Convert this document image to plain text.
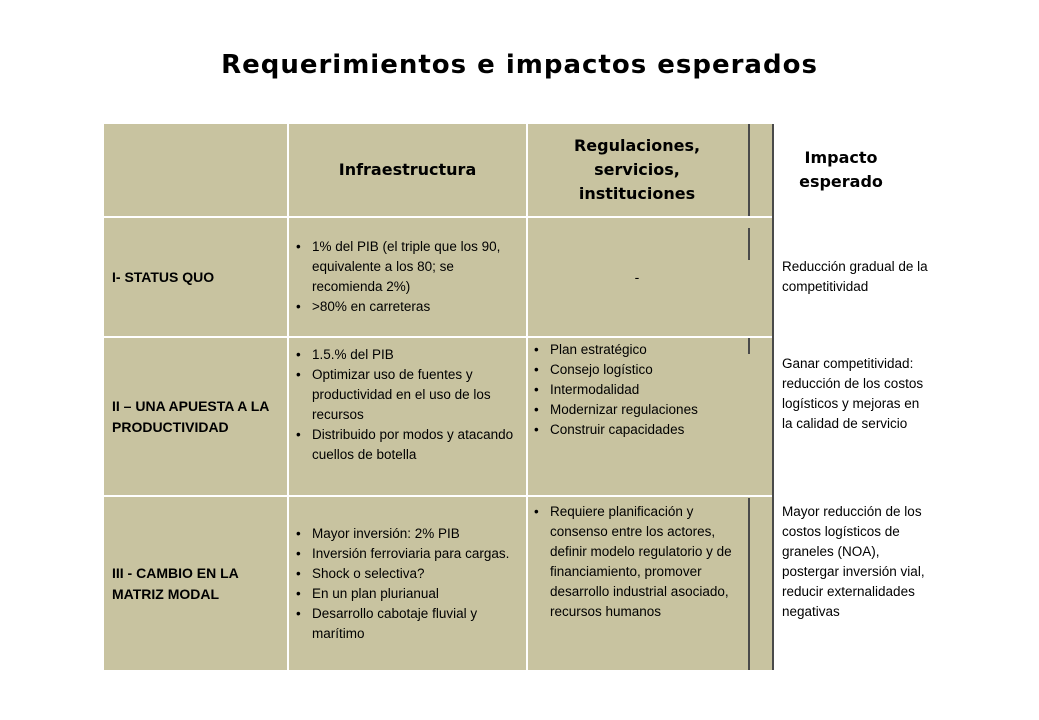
Requerimientos e impactos esperados
Infraestructura
Regulaciones, servicios, instituciones
Impacto esperado
I- STATUS QUO
• 1% del PIB (el triple que los 90, equivalente a los 80; se recomienda 2%)
• >80% en carreteras
-
Reducción gradual de la competitividad
II – UNA APUESTA A LA PRODUCTIVIDAD
• 1.5.% del PIB
• Optimizar uso de fuentes y productividad en el uso de los recursos
• Distribuido por modos y atacando cuellos de botella
• Plan estratégico
• Consejo logístico
• Intermodalidad
• Modernizar regulaciones
• Construir capacidades
Ganar competitividad: reducción de los costos logísticos y mejoras en la calidad de servicio
III - CAMBIO EN LA MATRIZ MODAL
• Mayor inversión: 2% PIB
• Inversión ferroviaria para cargas.
• Shock o selectiva?
• En un plan plurianual
• Desarrollo cabotaje fluvial y marítimo
• Requiere planificación y consenso entre los actores, definir modelo regulatorio y de financiamiento, promover desarrollo industrial asociado, recursos humanos
Mayor reducción de los costos logísticos de graneles (NOA), postergar inversión vial, reducir externalidades negativas
